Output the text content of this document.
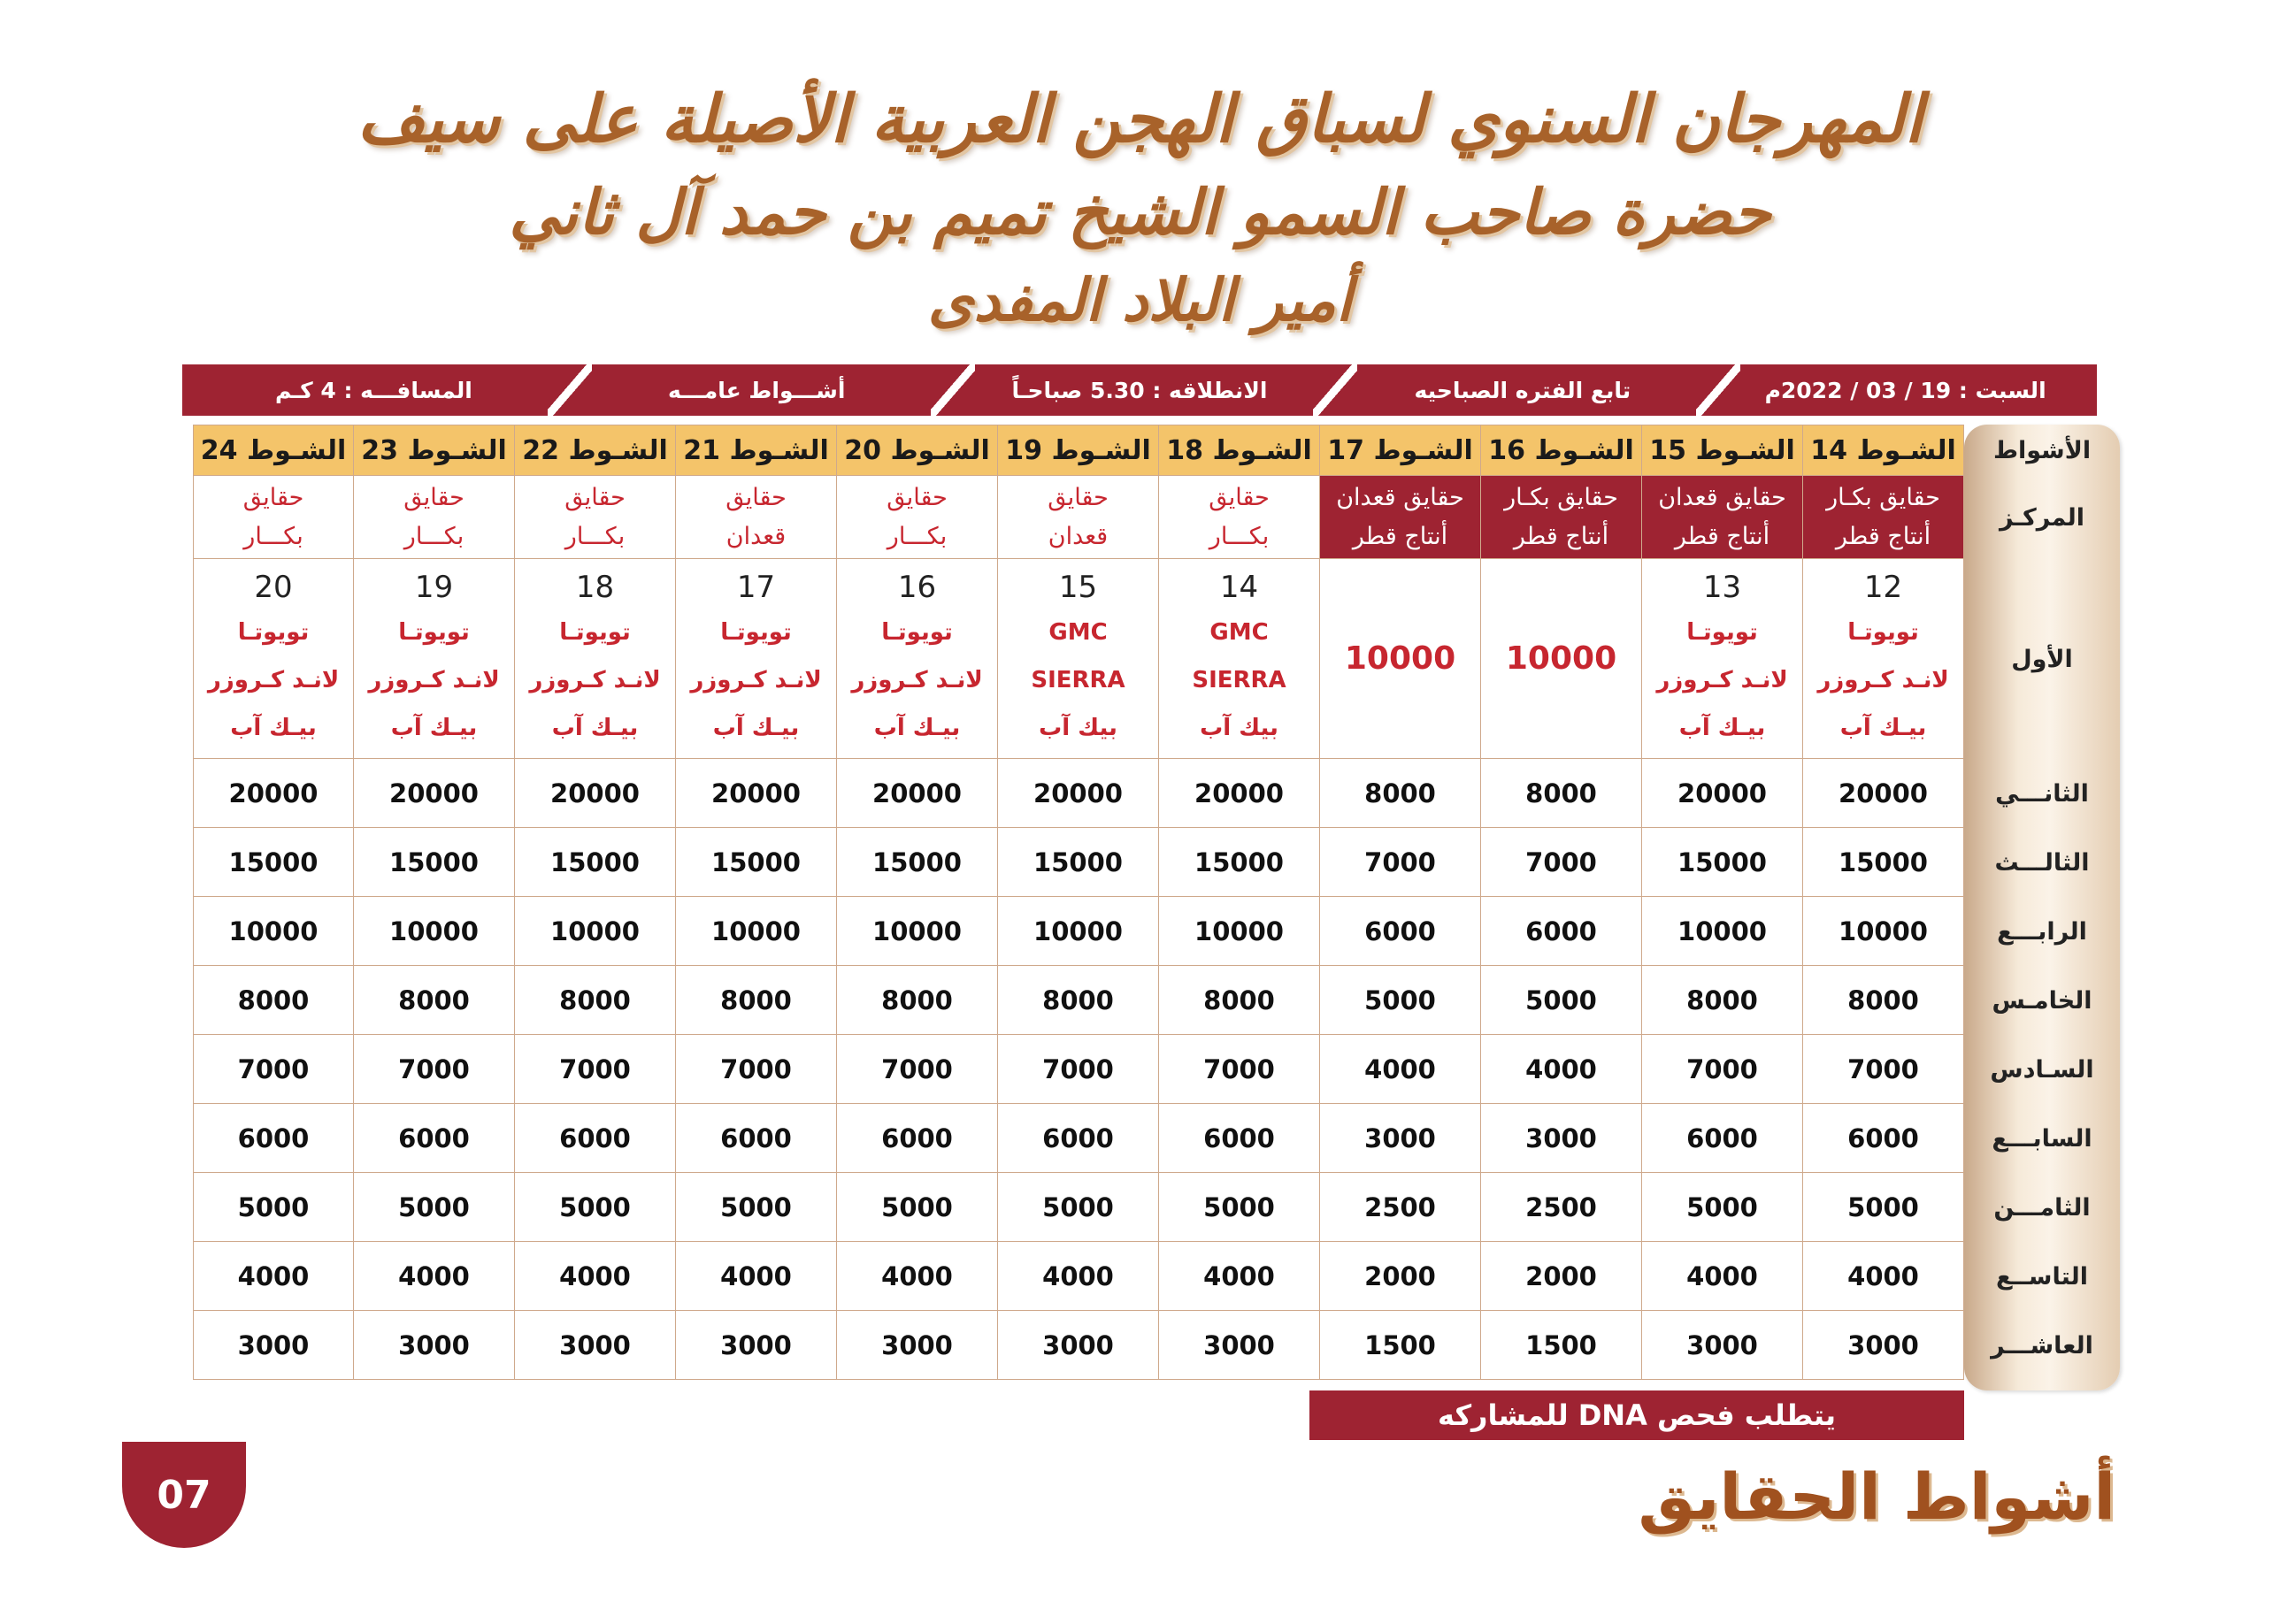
المهرجان السنوي لسباق الهجن العربية الأصيلة على سيف
حضرة صاحب السمو الشيخ تميم بن حمد آل ثاني
أمير البلاد المفدى
السبت : 19 / 03 / 2022م
تابع الفتره الصباحيه
الانطلاقه : 5.30 صباحـاً
أشـــواط عامـــه
المسافـــه : 4 كـم
الأشواط
المركـز
الأول
الثانـــي
الثالـــث
الرابـــع
الخامـس
السـادس
السابـــع
الثامـــن
التاســع
العاشـــر
الشـوط 14
الشـوط 15
الشـوط 16
الشـوط 17
الشـوط 18
الشـوط 19
الشـوط 20
الشـوط 21
الشـوط 22
الشـوط 23
الشـوط 24
حقايق بكـار
أنتاج قطر
حقايق قعدان
أنتاج قطر
حقايق بكـار
أنتاج قطر
حقايق قعدان
أنتاج قطر
حقايق
بكـــار
حقايق
قعدان
حقايق
بكـــار
حقايق
قعدان
حقايق
بكـــار
حقايق
بكـــار
حقايق
بكـــار
12
تويوتـا
لانـد كـروزر
بيـك آب
13
تويوتـا
لانـد كـروزر
بيـك آب
10000
10000
14
GMC
SIERRA
بيك آب
15
GMC
SIERRA
بيك آب
16
تويوتـا
لانـد كـروزر
بيـك آب
17
تويوتـا
لانـد كـروزر
بيـك آب
18
تويوتـا
لانـد كـروزر
بيـك آب
19
تويوتـا
لانـد كـروزر
بيـك آب
20
تويوتـا
لانـد كـروزر
بيـك آب
20000
20000
8000
8000
20000
20000
20000
20000
20000
20000
20000
15000
15000
7000
7000
15000
15000
15000
15000
15000
15000
15000
10000
10000
6000
6000
10000
10000
10000
10000
10000
10000
10000
8000
8000
5000
5000
8000
8000
8000
8000
8000
8000
8000
7000
7000
4000
4000
7000
7000
7000
7000
7000
7000
7000
6000
6000
3000
3000
6000
6000
6000
6000
6000
6000
6000
5000
5000
2500
2500
5000
5000
5000
5000
5000
5000
5000
4000
4000
2000
2000
4000
4000
4000
4000
4000
4000
4000
3000
3000
1500
1500
3000
3000
3000
3000
3000
3000
3000
يتطلب فحص DNA للمشاركه
07	أشواط الحقايق
